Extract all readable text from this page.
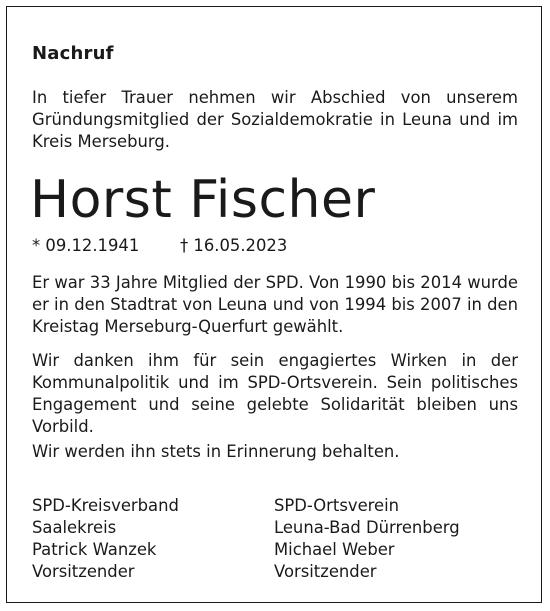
Nachruf
In tiefer Trauer nehmen wir Abschied von unserem Gründungsmitglied der Sozialdemokratie in Leuna und im Kreis Merseburg.
Horst Fischer
* 09.12.1941 † 16.05.2023
Er war 33 Jahre Mitglied der SPD. Von 1990 bis 2014 wurde er in den Stadtrat von Leuna und von 1994 bis 2007 in den Kreistag Merseburg-Querfurt gewählt.
Wir danken ihm für sein engagiertes Wirken in der Kommunalpolitik und im SPD-Ortsverein. Sein politisches Engagement und seine gelebte Solidarität bleiben uns Vorbild.
Wir werden ihn stets in Erinnerung behalten.
SPD-Kreisverband
Saalekreis
Patrick Wanzek
Vorsitzender
SPD-Ortsverein
Leuna-Bad Dürrenberg
Michael Weber
Vorsitzender
